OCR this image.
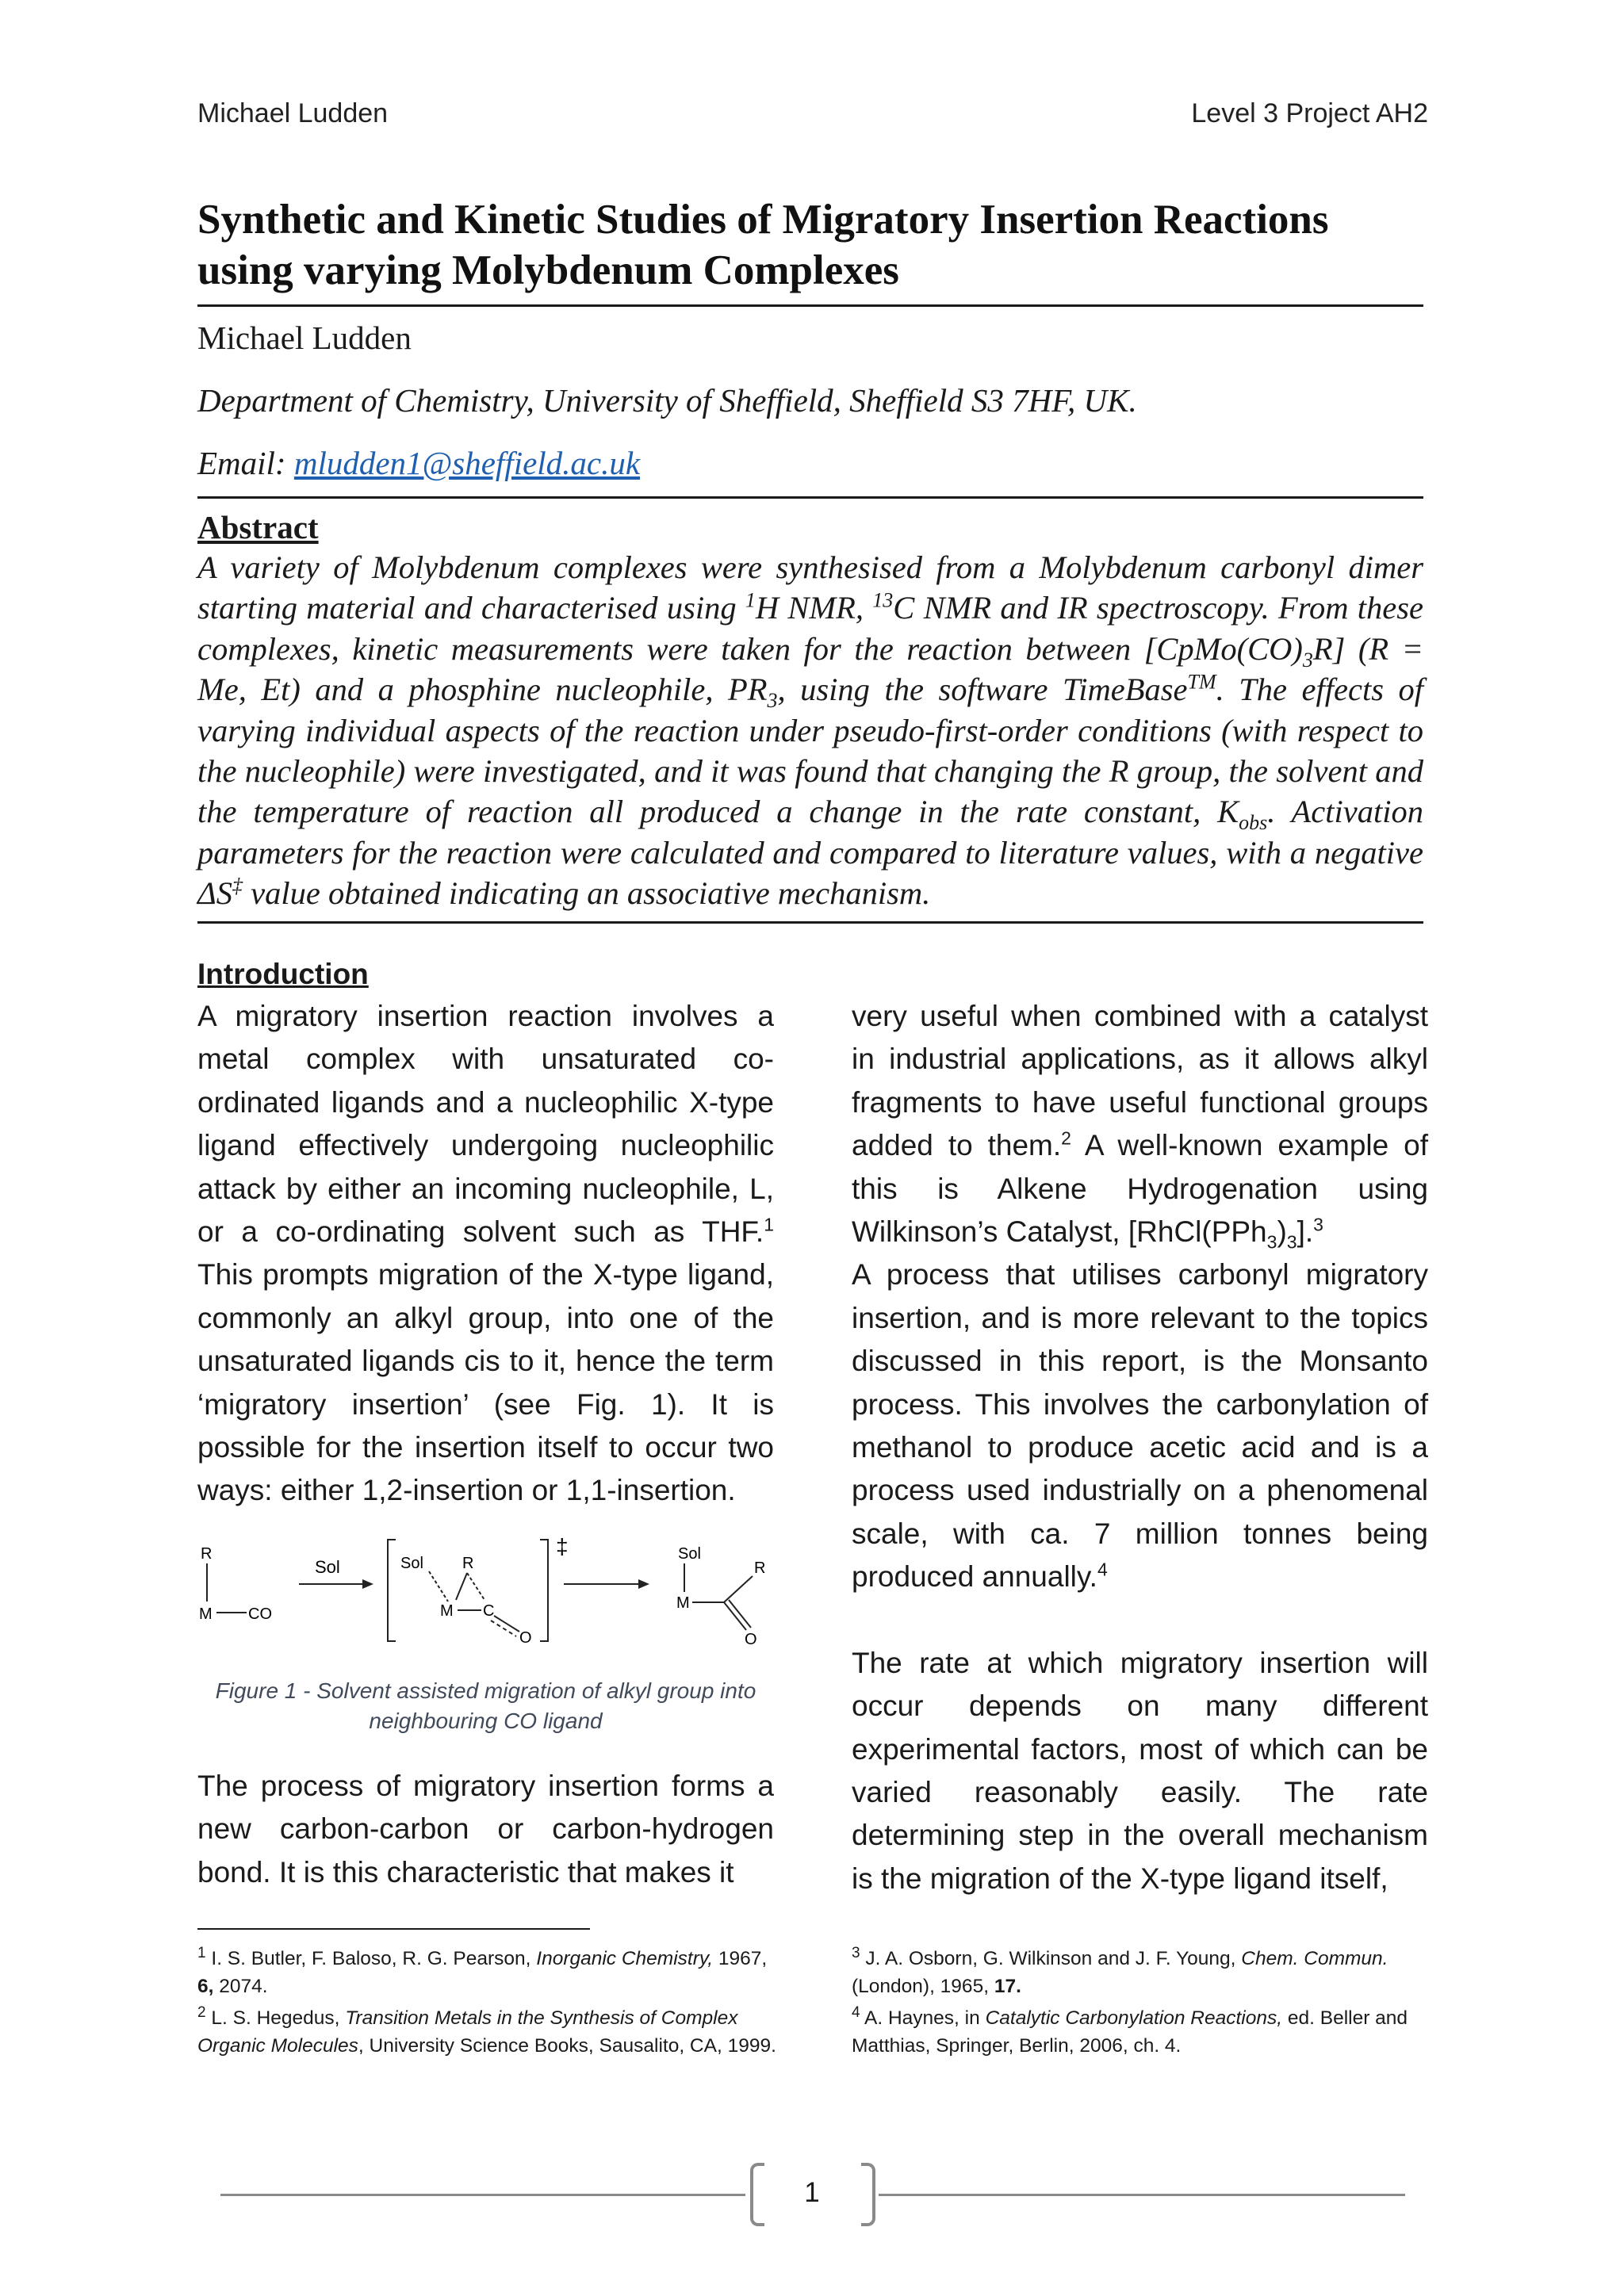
Michael Ludden	Level 3 Project AH2
Synthetic and Kinetic Studies of Migratory Insertion Reactions using varying Molybdenum Complexes
Michael Ludden
Department of Chemistry, University of Sheffield, Sheffield S3 7HF, UK.
Email: mludden1@sheffield.ac.uk
Abstract
A variety of Molybdenum complexes were synthesised from a Molybdenum carbonyl dimer starting material and characterised using $^1$H NMR, $^{13}$C NMR and IR spectroscopy. From these complexes, kinetic measurements were taken for the reaction between $[CpMo(CO)_3R] (R = Me$, Et) and a phosphine nucleophile, $PR_3$, using the software TimeBase™. The effects of varying individual aspects of the reaction under pseudo-first-order conditions (with respect to the nucleophile) were investigated, and it was found that changing the R group, the solvent and the temperature of reaction all produced a change in the rate constant, $K_{obs}$. Activation parameters for the reaction were calculated and compared to literature values, with a negative ΔS‡ value obtained indicating an associative mechanism.
Introduction

A migratory insertion reaction involves a metal complex with unsaturated co-ordinated ligands and a nucleophilic X-type ligand effectively undergoing nucleophilic attack by either an incoming nucleophile, L, or a co-ordinating solvent such as THF.$^1$ This prompts migration of the X-type ligand, commonly an alkyl group, into one of the unsaturated ligands cis to it, hence the term ‘migratory insertion’ (see Fig. 1). It is possible for the insertion itself to occur two ways: either 1,2-insertion or 1,1-insertion.

R
M CO
Sol
‡
Sol R
M C
O
Sol
M
R
O
Figure 1 - Solvent assisted migration of alkyl group into neighbouring CO ligand

The process of migratory insertion forms a new carbon-carbon or carbon-hydrogen bond. It is this characteristic that makes it

very useful when combined with a catalyst in industrial applications, as it allows alkyl fragments to have useful functional groups added to them.$^2$ A well-known example of this is Alkene Hydrogenation using Wilkinson’s Catalyst, $[RhCl(PPh_3)_3].^3$

A process that utilises carbonyl migratory insertion, and is more relevant to the topics discussed in this report, is the Monsanto process. This involves the carbonylation of methanol to produce acetic acid and is a process used industrially on a phenomenal scale, with ca. 7 million tonnes being produced annually.$^4$

The rate at which migratory insertion will occur depends on many different experimental factors, most of which can be varied reasonably easily. The rate determining step in the overall mechanism is the migration of the X-type ligand itself,

$^1$ I. S. Butler, F. Baloso, R. G. Pearson, Inorganic Chemistry, 1967, 6, 2074.

$^2$ L. S. Hegedus, Transition Metals in the Synthesis of Complex Organic Molecules, University Science Books, Sausalito, CA, 1999.

$^3$ J. A. Osborn, G. Wilkinson and J. F. Young, Chem. Commun. (London), 1965, 17.

$^4$ A. Haynes, in Catalytic Carbonylation Reactions, ed. Beller and Matthias, Springer, Berlin, 2006, ch. 4.

1
